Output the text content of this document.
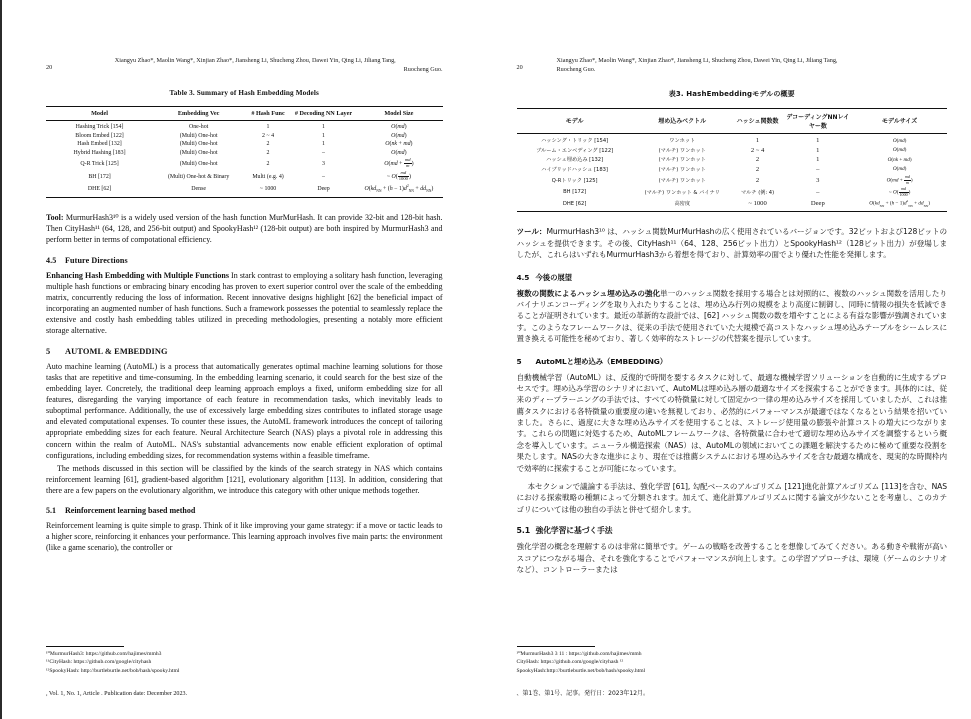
20
Xiangyu Zhao*, Maolin Wang*, Xinjian Zhao*, Jiansheng Li, Shucheng Zhou, Dawei Yin, Qing Li, Jiliang Tang,
Ruocheng Guo.
Table 3. Summary of Hash Embedding Models
Model	Embedding Vec	# Hash Func	# Decoding NN Layer	Model Size
Hashing Trick [154]	One-hot	1	1	O(md)
Bloom Embed [122]	(Multi) One-hot	2 ~ 4	1	O(md)
Hash Embed [132]	(Multi) One-hot	2	1	O(nk + md)
Hybrid Hashing [183]	(Multi) One-hot	2	–	O(md)
Q-R Trick [125]	(Multi) One-hot	2	3	$O(md + \frac{md}{m}$ )
BH [172]	(Multi) One-hot & Binary	Multi (e.g. 4)	–	~ $O( \frac{md}{1000}$ )
DHE [62]	Dense	~ 1000	Deep	$O(kd_{NN} + (h - 1)d^2_{NN} + dd_{NN})$

Tool: MurmurHash3¹⁰ is a widely used version of the hash function MurMurHash. It can provide 32-bit and 128-bit hash. Then CityHash¹¹ (64, 128, and 256-bit output) and SpookyHash¹² (128-bit output) are both inspired by MurmurHash3 and perform better in terms of compotational efficiency.

4.5 Future Directions

Enhancing Hash Embedding with Multiple Functions In stark contrast to employing a solitary hash function, leveraging multiple hash functions or embracing binary encoding has proven to exert superior control over the scale of the embedding matrix, concurrently reducing the loss of information. Recent innovative designs highlight [62] the beneficial impact of incorporating an augmented number of hash functions. Such a framework possesses the potential to seamlessly replace the extensive and costly hash embedding tables utilized in preceding methodologies, presenting a notably more efficient storage alternative.

5 AUTOML & EMBEDDING

Auto machine learning (AutoML) is a process that automatically generates optimal machine learning solutions for those tasks that are repetitive and time-consuming. In the embedding learning scenario, it could search for the best size of the embedding layer. Concretely, the traditional deep learning approach employs a fixed, uniform embedding size for all features, disregarding the varying importance of each feature in recommendation tasks, which inevitably leads to suboptimal performance. Additionally, the use of excessively large embedding sizes contributes to inflated storage usage and elevated computational expenses. To counter these issues, the AutoML framework introduces the concept of tailoring appropriate embedding sizes for each feature. Neural Architecture Search (NAS) plays a pivotal role in addressing this concern within the realm of AutoML. NAS's substantial advancements now enable efficient exploration of optimal configurations, including embedding sizes, for recommendation systems within a feasible timeframe.

The methods discussed in this section will be classified by the kinds of the search strategy in NAS which contains reinforcement learning [61], gradient-based algorithm [121], evolutionary algorithm [113]. In addition, considering that there are a few papers on the evolutionary algorithm, we introduce this category with other unique methods together.

5.1 Reinforcement learning based method

Reinforcement learning is quite simple to grasp. Think of it like improving your game strategy: if a move or tactic leads to a higher score, reinforcing it enhances your performance. This learning approach involves five main parts: the environment (like a game scenario), the controller or

¹⁰MurmurHash3: https://github.com/hajimes/mmh3
¹¹CityHash: https://github.com/google/cityhash
¹²SpookyHash: http://burtleburtle.net/bob/hash/spooky.html
, Vol. 1, No. 1, Article . Publication date: December 2023.
20
Xiangyu Zhao*, Maolin Wang*, Xinjian Zhao*, Jiansheng Li, Shucheng Zhou, Dawei Yin, Qing Li, Jiliang Tang,
Ruocheng Guo.
表3. HashEmbeddingモデルの概要
モデル	埋め込みベクトル	ハッシュ関数数	デコーディングNNレイヤー数	モデルサイズ
ハッシング・トリック [154]	ワンホット	1	1	O(md)
ブルーム・エンベディング [122]	(マルチ) ワンホット	2 ~ 4	1	O(md)
ハッシュ埋め込み [132]	(マルチ) ワンホット	2	1	O(nk + md)
ハイブリッドハッシュ [183]	(マルチ) ワンホット	2	–	O(md)
Q-Rトリック [125]	(マルチ) ワンホット	2	3	$O(md + \frac{md}{m}$ )
BH [172]	(マルチ) ワンホット & バイナリ	マルチ (例: 4)	–	~ $O( \frac{md}{1000}$ )
DHE [62]	高密度	~ 1000	Deep	$O(kd_{NN} + (h - 1)d^2_{NN} + dd_{NN})$

ツール：MurmurHash3¹⁰ は、ハッシュ関数MurMurHashの広く使用されているバージョンです。32ビットおよび128ビットのハッシュを提供できます。その後、CityHash¹¹（64、128、256ビット出力）とSpookyHash¹²（128ビット出力）が登場しましたが、これらはいずれもMurmurHash3から着想を得ており、計算効率の面でより優れた性能を発揮します。

4.5 今後の展望

複数の関数によるハッシュ埋め込みの強化単一のハッシュ関数を採用する場合とは対照的に、複数のハッシュ関数を活用したりバイナリエンコーディングを取り入れたりすることは、埋め込み行列の規模をより高度に制御し、同時に情報の損失を低減できることが証明されています。最近の革新的な設計では、[62] ハッシュ関数の数を増やすことによる有益な影響が強調されています。このようなフレームワークは、従来の手法で使用されていた大規模で高コストなハッシュ埋め込みテーブルをシームレスに置き換える可能性を秘めており、著しく効率的なストレージの代替案を提示しています。

5 AutoMLと埋め込み（EMBEDDING）

自動機械学習（AutoML）は、反復的で時間を要するタスクに対して、最適な機械学習ソリューションを自動的に生成するプロセスです。埋め込み学習のシナリオにおいて、AutoMLは埋め込み層の最適なサイズを探索することができます。具体的には、従来のディープラーニングの手法では、すべての特徴量に対して固定かつ一律の埋め込みサイズを採用していましたが、これは推薦タスクにおける各特徴量の重要度の違いを無視しており、必然的にパフォーマンスが最適ではなくなるという結果を招いていました。さらに、過度に大きな埋め込みサイズを使用することは、ストレージ使用量の膨張や計算コストの増大につながります。これらの問題に対処するため、AutoMLフレームワークは、各特徴量に合わせて適切な埋め込みサイズを調整するという概念を導入しています。ニューラル構造探索（NAS）は、AutoMLの領域においてこの課題を解決するために極めて重要な役割を果たします。NASの大きな進歩により、現在では推薦システムにおける埋め込みサイズを含む最適な構成を、現実的な時間枠内で効率的に探索することが可能になっています。

本セクションで議論する手法は、強化学習 [61], 勾配ベースのアルゴリズム [121]進化計算アルゴリズム [113]を含む、NASにおける探索戦略の種類によって分類されます。加えて、進化計算アルゴリズムに関する論文が少ないことを考慮し、このカテゴリについては他の独自の手法と併せて紹介します。

5.1 強化学習に基づく手法

強化学習の概念を理解するのは非常に簡単です。ゲームの戦略を改善することを想像してみてください。ある動きや戦術が高いスコアにつながる場合、それを強化することでパフォーマンスが向上します。この学習アプローチは、環境（ゲームのシナリオなど）、コントローラーまたは

¹⁰MurmurHash3 3 11 : https://github.com/hajimes/mmh
CityHash: https://github.com/google/cityhash ¹²
SpookyHash:http://burtleburtle.net/bob/hash/spooky.html
、第1巻、第1号、記事。発行日：2023年12月。
